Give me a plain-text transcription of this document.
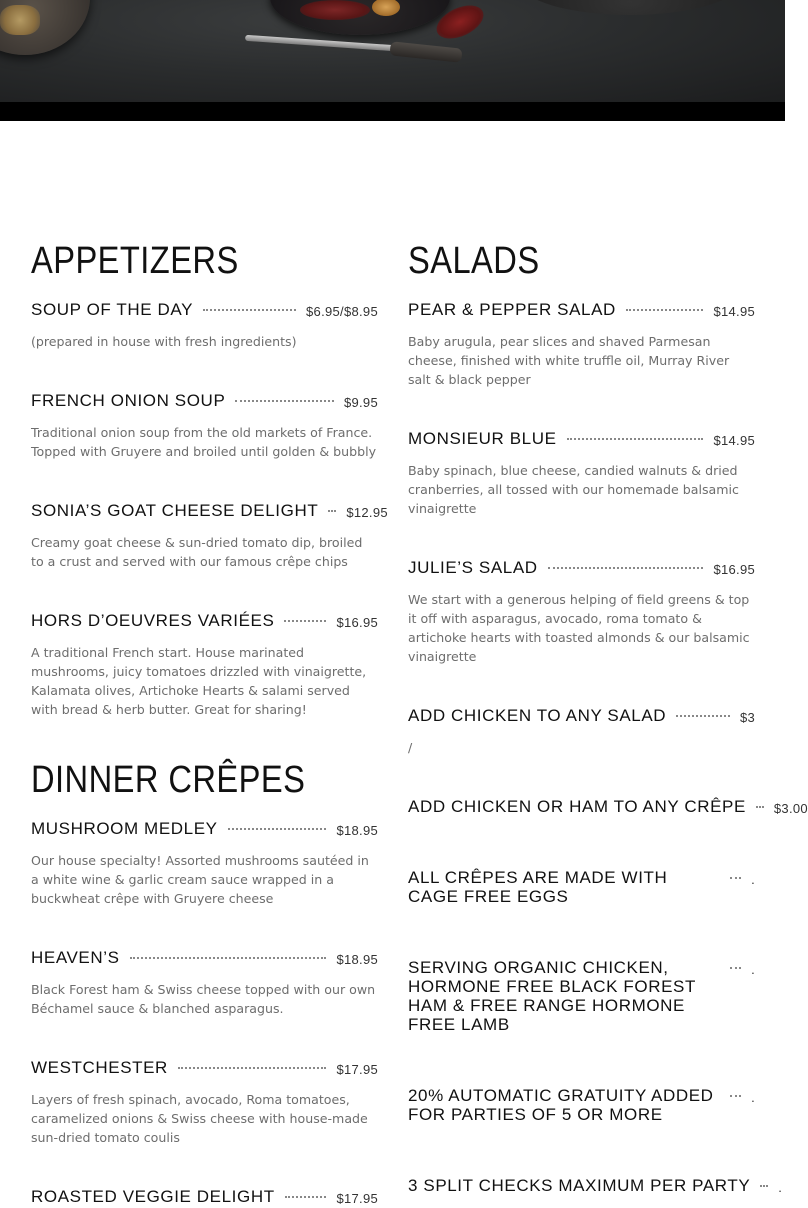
APPETIZERS
SOUP OF THE DAY	$6.95/$8.95

(prepared in house with fresh ingredients)

FRENCH ONION SOUP	$9.95

Traditional onion soup from the old markets of France. Topped with Gruyere and broiled until golden & bubbly

SONIA’S GOAT CHEESE DELIGHT $12.95

Creamy goat cheese & sun-dried tomato dip, broiled to a crust and served with our famous crêpe chips

HORS D’OEUVRES VARIÉES	$16.95

A traditional French start. House marinated mushrooms, juicy tomatoes drizzled with vinaigrette, Kalamata olives, Artichoke Hearts & salami served with bread & herb butter. Great for sharing!

DINNER CRÊPES
MUSHROOM MEDLEY	$18.95

Our house specialty! Assorted mushrooms sautéed in a white wine & garlic cream sauce wrapped in a buckwheat crêpe with Gruyere cheese

HEAVEN’S	$18.95

Black Forest ham & Swiss cheese topped with our own Béchamel sauce & blanched asparagus.

WESTCHESTER	$17.95

Layers of fresh spinach, avocado, Roma tomatoes, caramelized onions & Swiss cheese with house-made sun-dried tomato coulis

ROASTED VEGGIE DELIGHT	$17.95
SALADS
PEAR & PEPPER SALAD	$14.95

Baby arugula, pear slices and shaved Parmesan cheese, finished with white truffle oil, Murray River salt & black pepper

MONSIEUR BLUE	$14.95

Baby spinach, blue cheese, candied walnuts & dried cranberries, all tossed with our homemade balsamic vinaigrette

JULIE’S SALAD	$16.95

We start with a generous helping of field greens & top it off with asparagus, avocado, roma tomato & artichoke hearts with toasted almonds & our balsamic vinaigrette

ADD CHICKEN TO ANY SALAD	$3

/

ADD CHICKEN OR HAM TO ANY CRÊPE $3.00
ALL CRÊPES ARE MADE WITH CAGE FREE EGGS
.
SERVING ORGANIC CHICKEN, HORMONE FREE BLACK FOREST HAM & FREE RANGE HORMONE FREE LAMB
.
20% AUTOMATIC GRATUITY ADDED FOR PARTIES OF 5 OR MORE
.
3 SPLIT CHECKS MAXIMUM PER PARTY .
